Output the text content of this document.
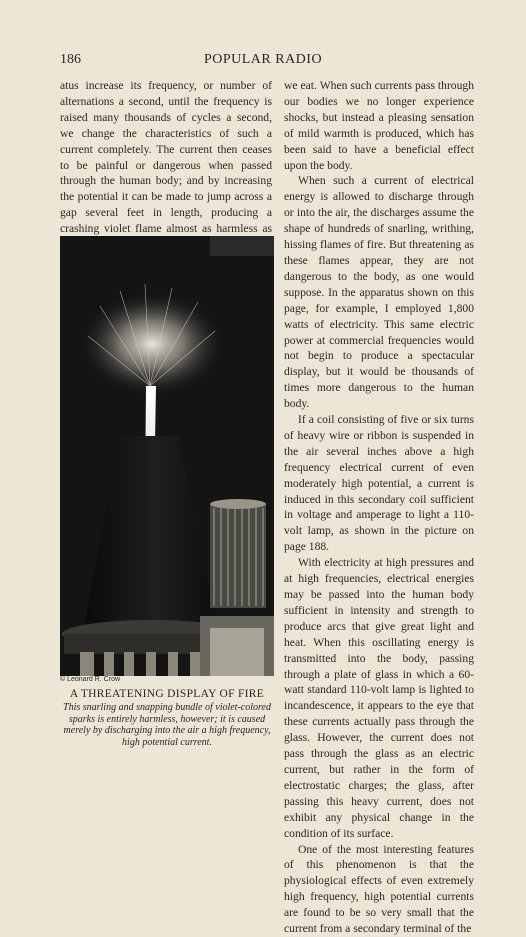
186	POPULAR RADIO

atus increase its frequency, or number of alternations a second, until the frequency is raised many thousands of cycles a second, we change the characteristics of such a current completely. The current then ceases to be painful or dangerous when passed through the human body; and by increasing the potential it can be made to jump across a gap several feet in length, producing a crashing violet flame almost as harmless as

© Leonard R. Crow
A THREATENING DISPLAY OF FIRE
This snarling and snapping bundle of violet-colored sparks is entirely harmless, however; it is caused merely by discharging into the air a high frequency, high potential current.

we eat. When such currents pass through our bodies we no longer experience shocks, but instead a pleasing sensation of mild warmth is produced, which has been said to have a beneficial effect upon the body.

When such a current of electrical energy is allowed to discharge through or into the air, the discharges assume the shape of hundreds of snarling, writhing, hissing flames of fire. But threatening as these flames appear, they are not dangerous to the body, as one would suppose. In the apparatus shown on this page, for example, I employed 1,800 watts of electricity. This same electric power at commercial frequencies would not begin to produce a spectacular display, but it would be thousands of times more dangerous to the human body.

If a coil consisting of five or six turns of heavy wire or ribbon is suspended in the air several inches above a high frequency electrical current of even moderately high potential, a current is induced in this secondary coil sufficient in voltage and amperage to light a 110-volt lamp, as shown in the picture on page 188.

With electricity at high pressures and at high frequencies, electrical energies may be passed into the human body sufficient in intensity and strength to produce arcs that give great light and heat. When this oscillating energy is transmitted into the body, passing through a plate of glass in which a 60-watt standard 110-volt lamp is lighted to incandescence, it appears to the eye that these currents actually pass through the glass. However, the current does not pass through the glass as an electric current, but rather in the form of electrostatic charges; the glass, after passing this heavy current, does not exhibit any physical change in the condition of its surface.

One of the most interesting features of this phenomenon is that the physiological effects of even extremely high frequency, high potential currents are found to be so very small that the current from a secondary terminal of the
